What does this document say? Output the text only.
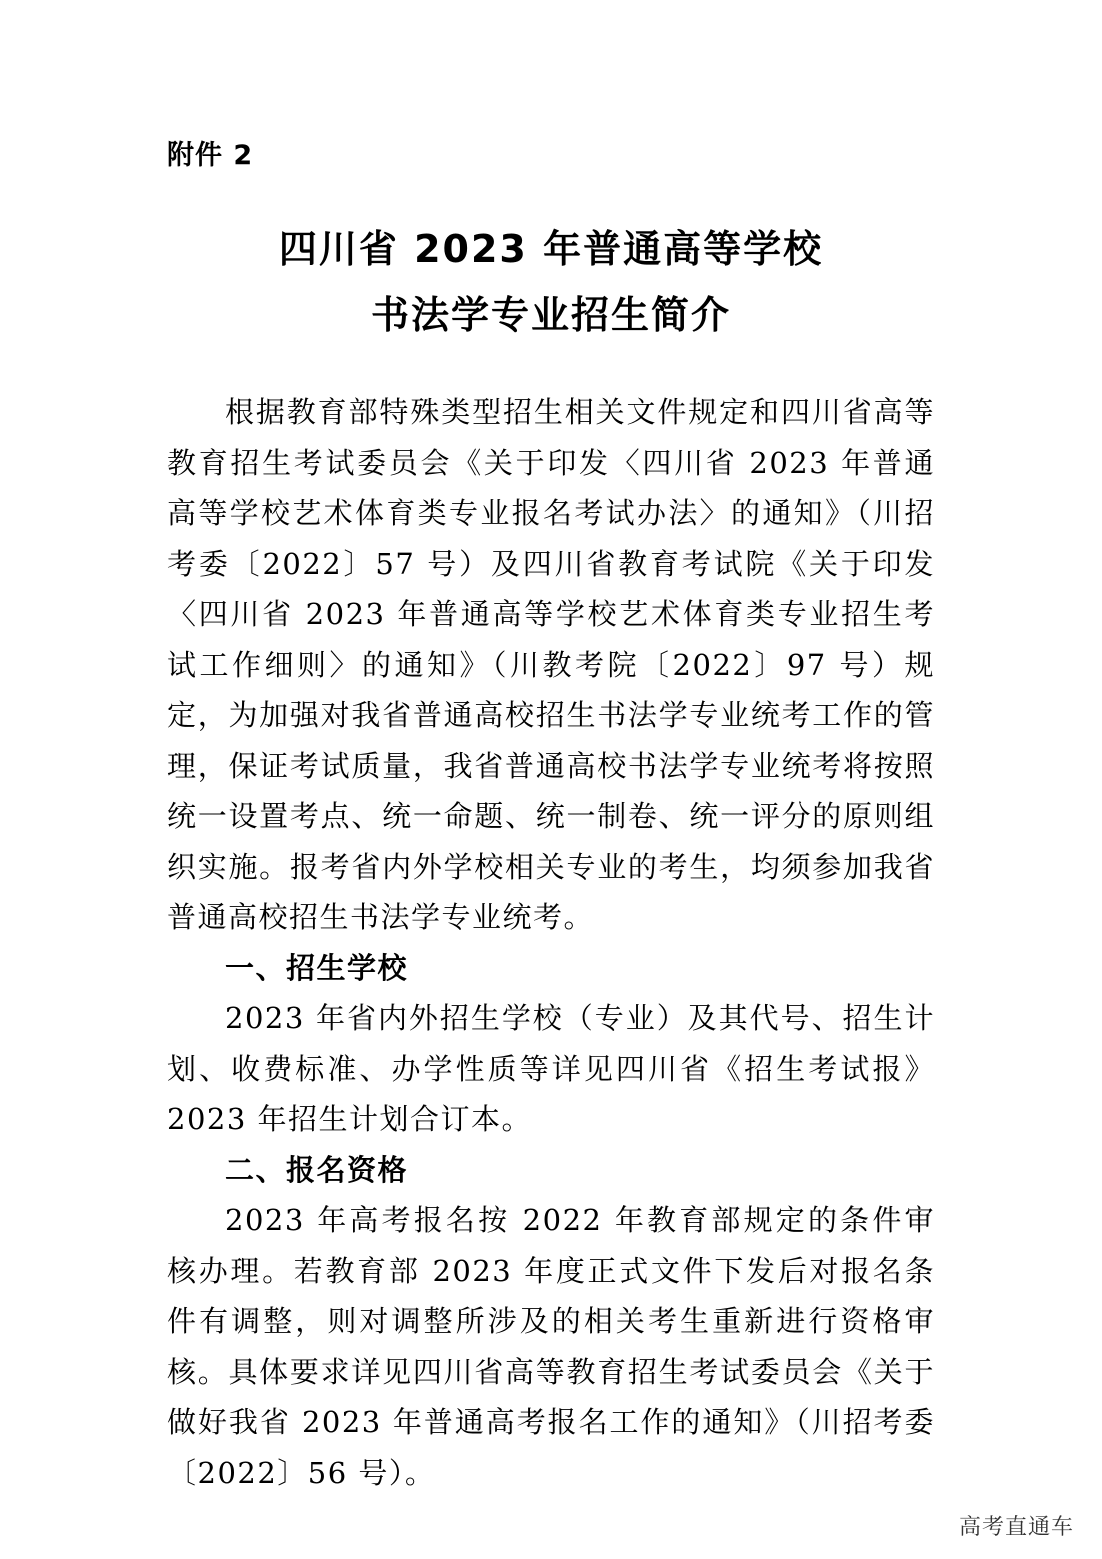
附件 2
四川省 2023 年普通高等学校
书法学专业招生简介

根据教育部特殊类型招生相关文件规定和四川省高等教育招生考试委员会《关于印发〈四川省 2023 年普通高等学校艺术体育类专业报名考试办法〉的通知》（川招考委〔2022〕57 号）及四川省教育考试院《关于印发〈四川省 2023 年普通高等学校艺术体育类专业招生考试工作细则〉的通知》（川教考院〔2022〕97 号）规定，为加强对我省普通高校招生书法学专业统考工作的管理，保证考试质量，我省普通高校书法学专业统考将按照统一设置考点、统一命题、统一制卷、统一评分的原则组织实施。报考省内外学校相关专业的考生，均须参加我省普通高校招生书法学专业统考。

一、招生学校

2023 年省内外招生学校（专业）及其代号、招生计划、收费标准、办学性质等详见四川省《招生考试报》2023 年招生计划合订本。

二、报名资格

2023 年高考报名按 2022 年教育部规定的条件审核办理。若教育部 2023 年度正式文件下发后对报名条件有调整，则对调整所涉及的相关考生重新进行资格审核。具体要求详见四川省高等教育招生考试委员会《关于做好我省 2023 年普通高考报名工作的通知》（川招考委〔2022〕56 号）。

高考直通车
